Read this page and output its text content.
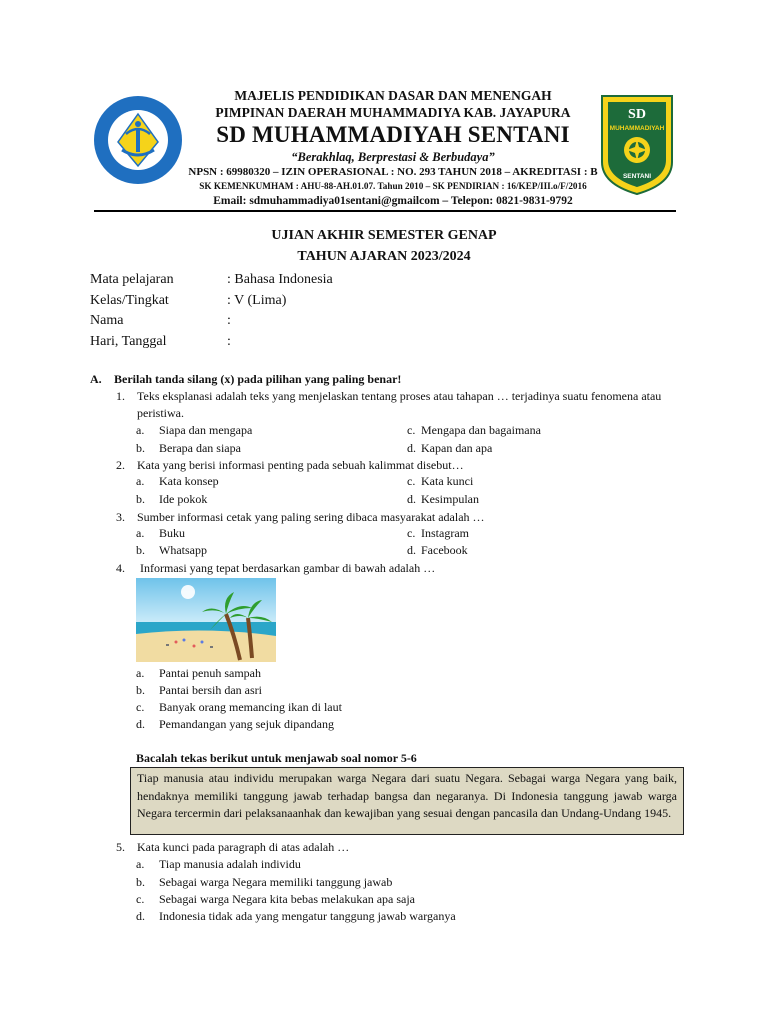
MAJELIS PENDIDIKAN DASAR DAN MENENGAH
PIMPINAN DAERAH MUHAMMADIYA KAB. JAYAPURA
SD MUHAMMADIYAH SENTANI
“Berakhlaq, Berprestasi & Berbudaya”
NPSN : 69980320 – IZIN OPERASIONAL : NO. 293 TAHUN 2018 – AKREDITASI : B
SK KEMENKUMHAM : AHU-88-AH.01.07. Tahun 2010 – SK PENDIRIAN : 16/KEP/III.o/F/2016
Email: sdmuhammadiya01sentani@gmailcom – Telepon: 0821-9831-9792
SD
MUHAMMADIYAH
SENTANI
UJIAN AKHIR SEMESTER GENAP
TAHUN AJARAN 2023/2024
Mata pelajaran	: Bahasa Indonesia
Kelas/Tingkat	: V (Lima)
Nama	:
Hari, Tanggal	:
A. Berilah tanda silang (x) pada pilihan yang paling benar!
1. Teks eksplanasi adalah teks yang menjelaskan tentang proses atau tahapan … terjadinya suatu fenomena atau peristiwa.
a. Siapa dan mengapa	c. Mengapa dan bagaimana
b. Berapa dan siapa	d. Kapan dan apa
2. Kata yang berisi informasi penting pada sebuah kalimmat disebut…
a. Kata konsep	c. Kata kunci
b. Ide pokok	d. Kesimpulan
3. Sumber informasi cetak yang paling sering dibaca masyarakat adalah …
a. Buku	c. Instagram
b. Whatsapp	d. Facebook
4. Informasi yang tepat berdasarkan gambar di bawah adalah …
a. Pantai penuh sampah
b. Pantai bersih dan asri
c. Banyak orang memancing ikan di laut
d. Pemandangan yang sejuk dipandang
Bacalah tekas berikut untuk menjawab soal nomor 5-6
Tiap manusia atau individu merupakan warga Negara dari suatu Negara. Sebagai warga Negara yang baik, hendaknya memiliki tanggung jawab terhadap bangsa dan negaranya. Di Indonesia tanggung jawab warga Negara tercermin dari pelaksanaanhak dan kewajiban yang sesuai dengan pancasila dan Undang-Undang 1945.
5. Kata kunci pada paragraph di atas adalah …
a. Tiap manusia adalah individu
b. Sebagai warga Negara memiliki tanggung jawab
c. Sebagai warga Negara kita bebas melakukan apa saja
d. Indonesia tidak ada yang mengatur tanggung jawab warganya
